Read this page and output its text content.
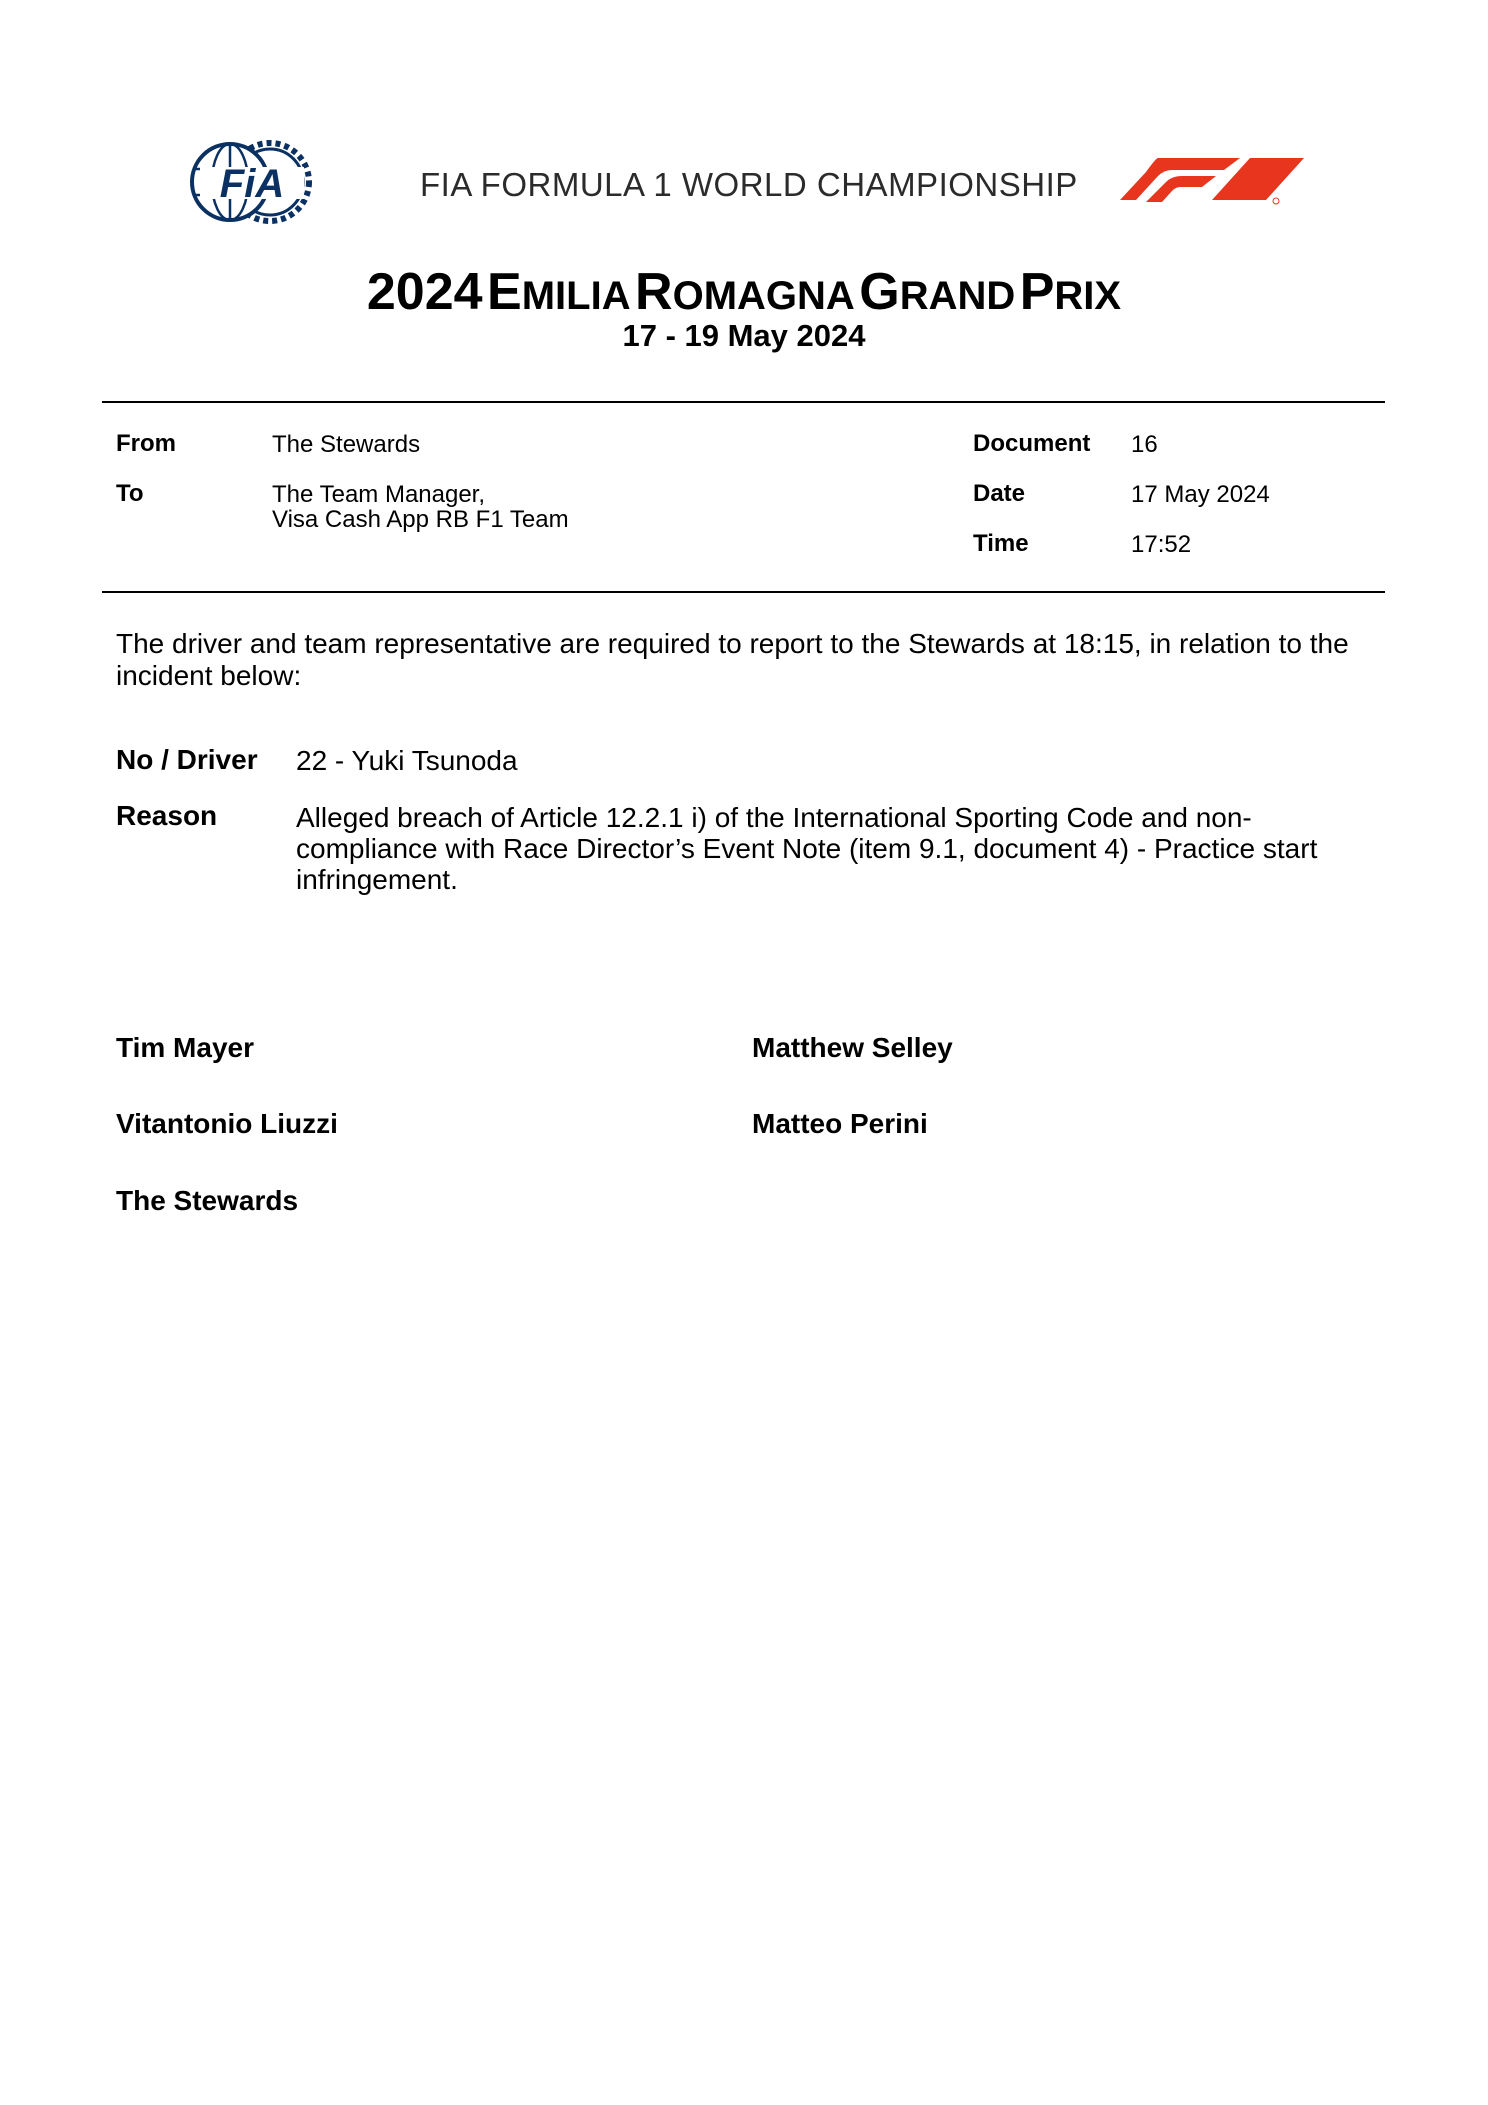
FiA	FIA FORMULA 1 WORLD CHAMPIONSHIP
2024 EMILIA ROMAGNA GRAND PRIX
17 - 19 May 2024
From	The Stewards
To	The Team Manager,
Visa Cash App RB F1 Team
Document 16
Date	17 May 2024
Time	17:52
The driver and team representative are required to report to the Stewards at 18:15, in relation to the incident below:
No / Driver 22 - Yuki Tsunoda
Reason	Alleged breach of Article 12.2.1 i) of the International Sporting Code and non-
compliance with Race Director’s Event Note (item 9.1, document 4) - Practice start
infringement.
Tim Mayer	Matthew Selley
Vitantonio Liuzzi	Matteo Perini
The Stewards
